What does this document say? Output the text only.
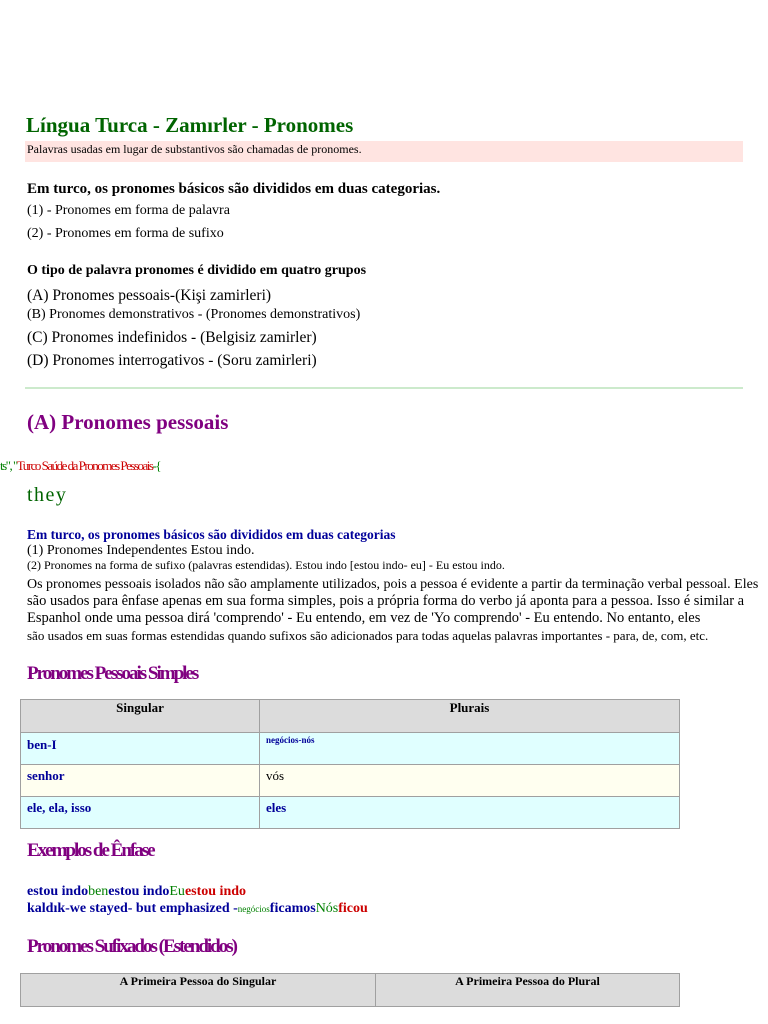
Língua Turca - Zamırler - Pronomes
Palavras usadas em lugar de substantivos são chamadas de pronomes.
Em turco, os pronomes básicos são divididos em duas categorias.
(1) - Pronomes em forma de palavra
(2) - Pronomes em forma de sufixo
O tipo de palavra pronomes é dividido em quatro grupos
(A) Pronomes pessoais-(Kişi zamirleri)
(B) Pronomes demonstrativos - (Pronomes demonstrativos)
(C) Pronomes indefinidos - (Belgisiz zamirler)
(D) Pronomes interrogativos - (Soru zamirleri)
(A) Pronomes pessoais
ts", "Turco Saúde da Pronomes Pessoais-{
they
Em turco, os pronomes básicos são divididos em duas categorias
(1) Pronomes Independentes Estou indo.
(2) Pronomes na forma de sufixo (palavras estendidas). Estou indo [estou indo- eu] - Eu estou indo.
Os pronomes pessoais isolados não são amplamente utilizados, pois a pessoa é evidente a partir da terminação verbal pessoal. Eles
são usados para ênfase apenas em sua forma simples, pois a própria forma do verbo já aponta para a pessoa. Isso é similar a
Espanhol onde uma pessoa dirá 'comprendo' - Eu entendo, em vez de 'Yo comprendo' - Eu entendo. No entanto, eles
são usados em suas formas estendidas quando sufixos são adicionados para todas aquelas palavras importantes - para, de, com, etc.
Pronomes Pessoais Simples
Singular	Plurais
ben-I	negócios-nós
senhor	vós
ele, ela, isso	eles
Exemplos de Ênfase
estou indobenestou indoEuestou indo
kaldık-we stayed- but emphasized -negóciosficamosNósficou
Pronomes Sufixados (Estendidos)
A Primeira Pessoa do Singular	A Primeira Pessoa do Plural
